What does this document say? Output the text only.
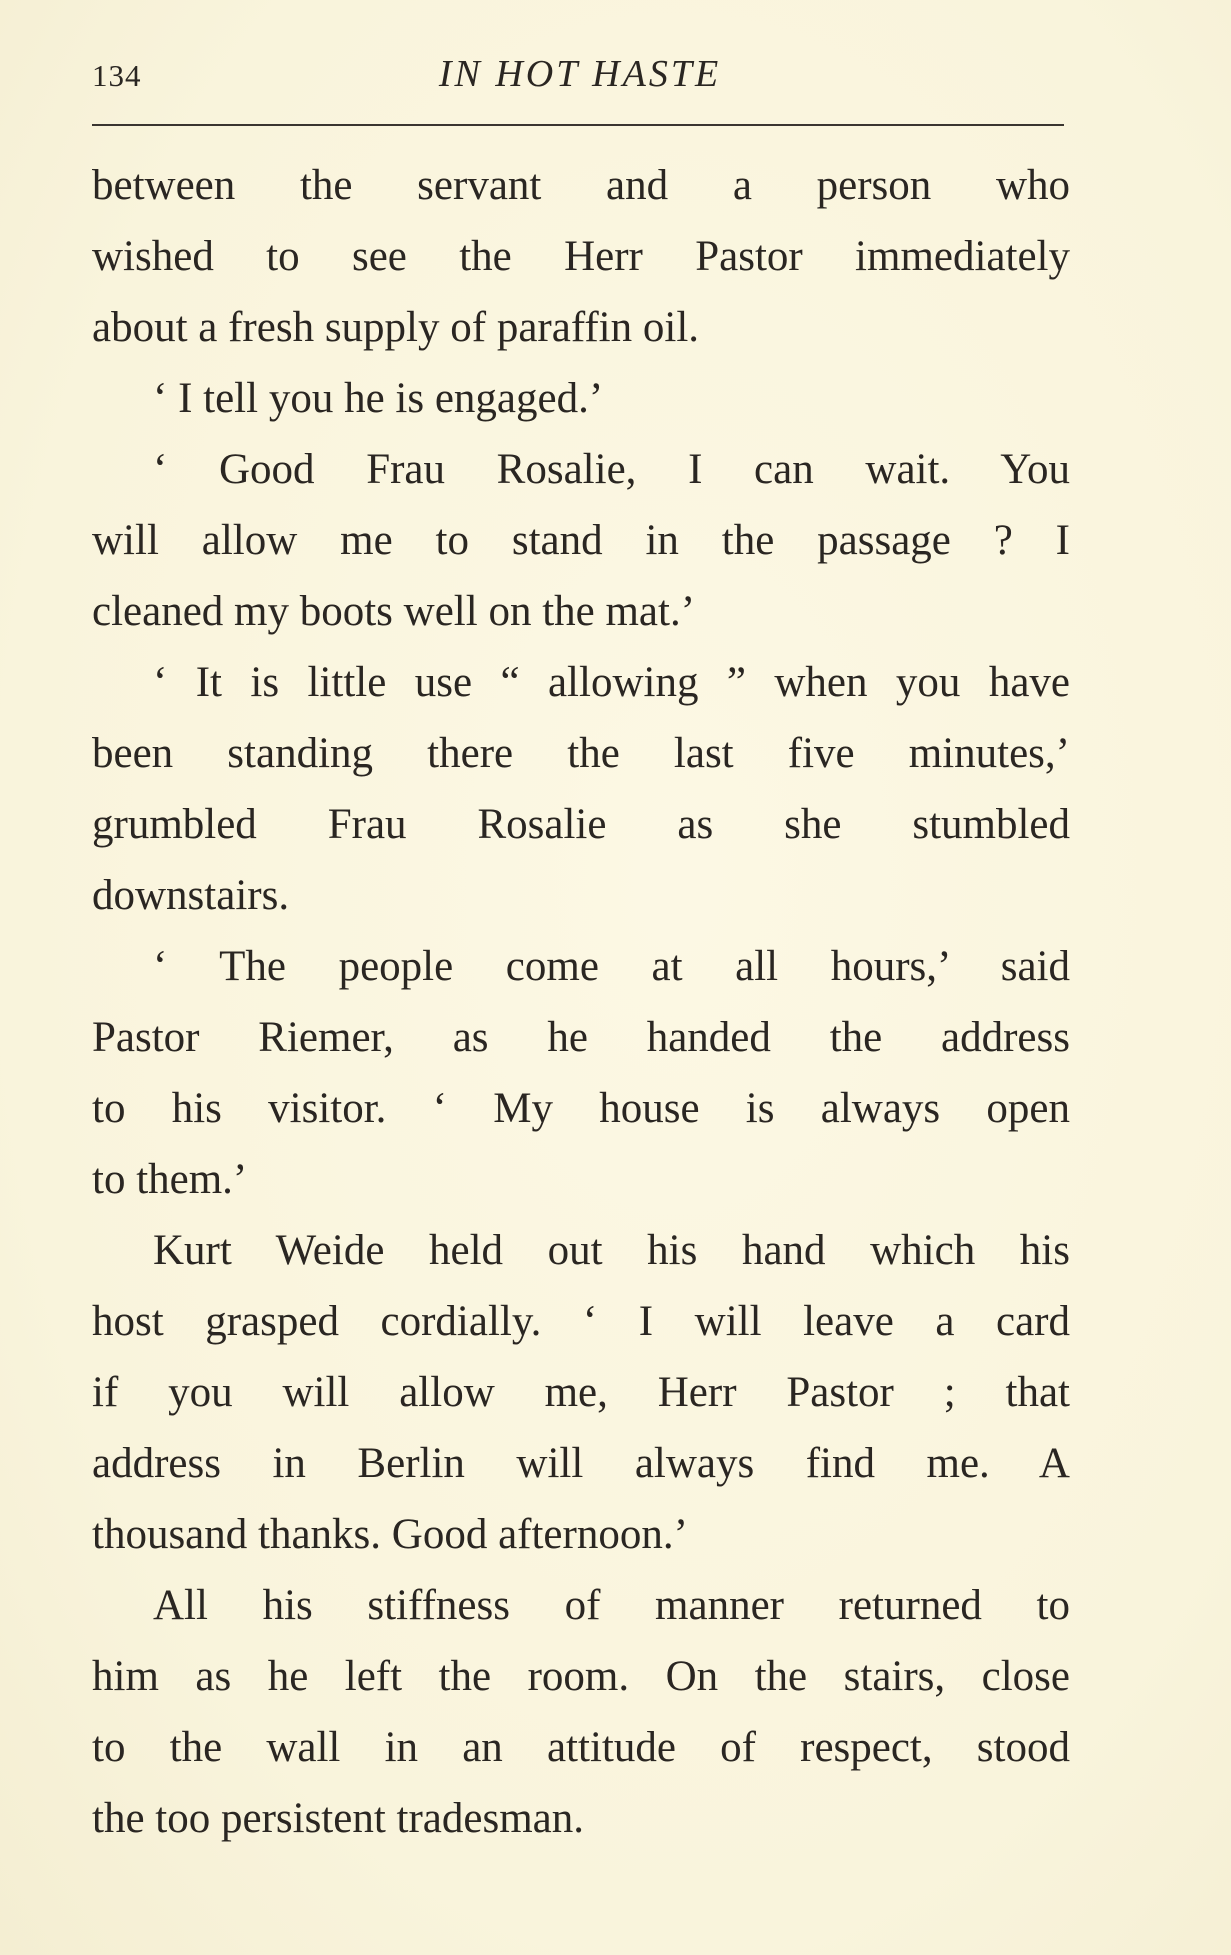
134	IN HOT HASTE
between the servant and a person who
wished to see the Herr Pastor immediately
about a fresh supply of paraffin oil.
‘ I tell you he is engaged.’
‘ Good Frau Rosalie, I can wait. You
will allow me to stand in the passage ? I
cleaned my boots well on the mat.’
‘ It is little use “ allowing ” when you have
been standing there the last five minutes,’
grumbled Frau Rosalie as she stumbled
downstairs.
‘ The people come at all hours,’ said
Pastor Riemer, as he handed the address
to his visitor. ‘ My house is always open
to them.’
Kurt Weide held out his hand which his
host grasped cordially. ‘ I will leave a card
if you will allow me, Herr Pastor ; that
address in Berlin will always find me. A
thousand thanks. Good afternoon.’
All his stiffness of manner returned to
him as he left the room. On the stairs, close
to the wall in an attitude of respect, stood
the too persistent tradesman.
